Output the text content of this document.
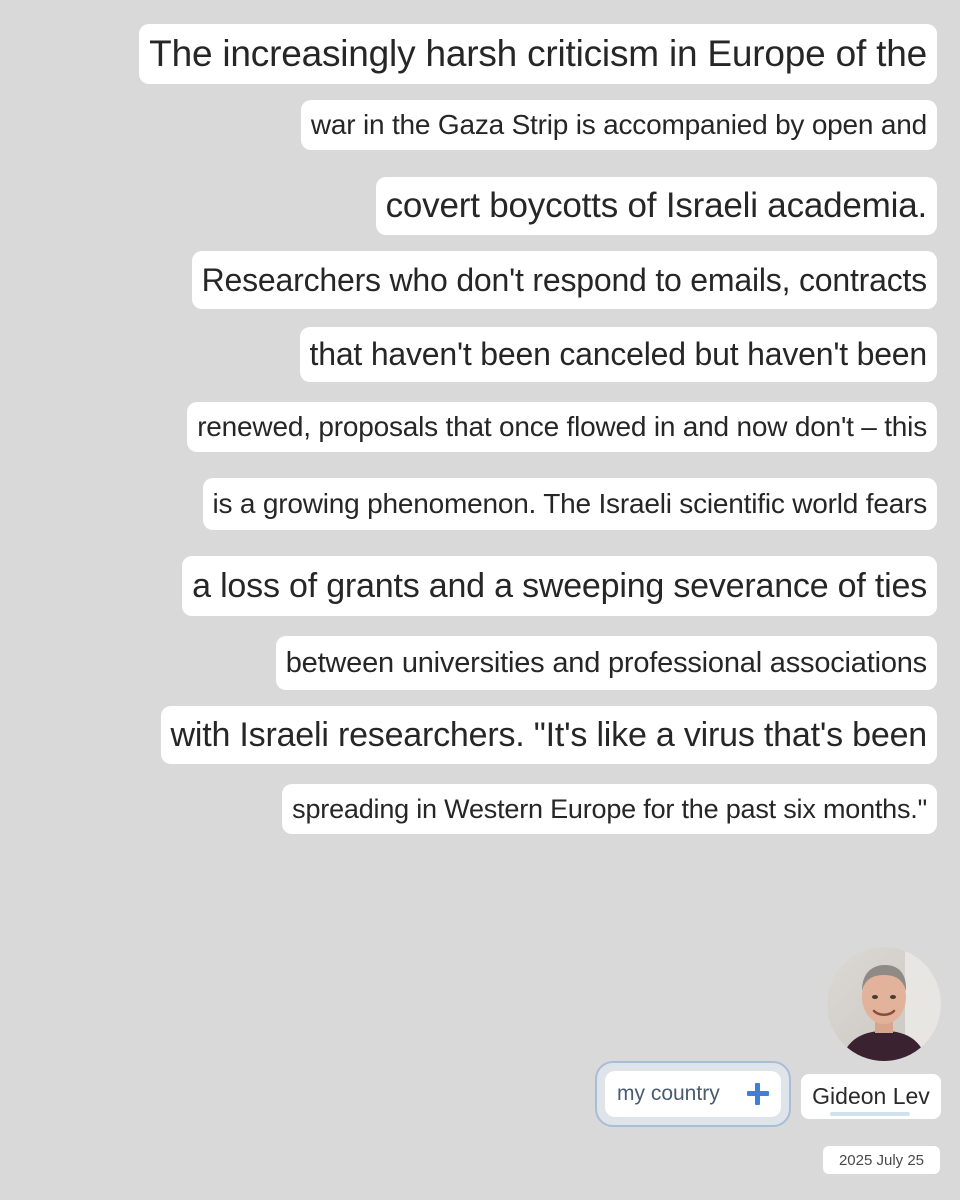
The increasingly harsh criticism in Europe of the
war in the Gaza Strip is accompanied by open and
covert boycotts of Israeli academia.
Researchers who don't respond to emails, contracts
that haven't been canceled but haven't been
renewed, proposals that once flowed in and now don't – this
is a growing phenomenon. The Israeli scientific world fears
a loss of grants and a sweeping severance of ties
between universities and professional associations
with Israeli researchers. "It's like a virus that's been
spreading in Western Europe for the past six months."
my country	Gideon Lev
2025 July 25
